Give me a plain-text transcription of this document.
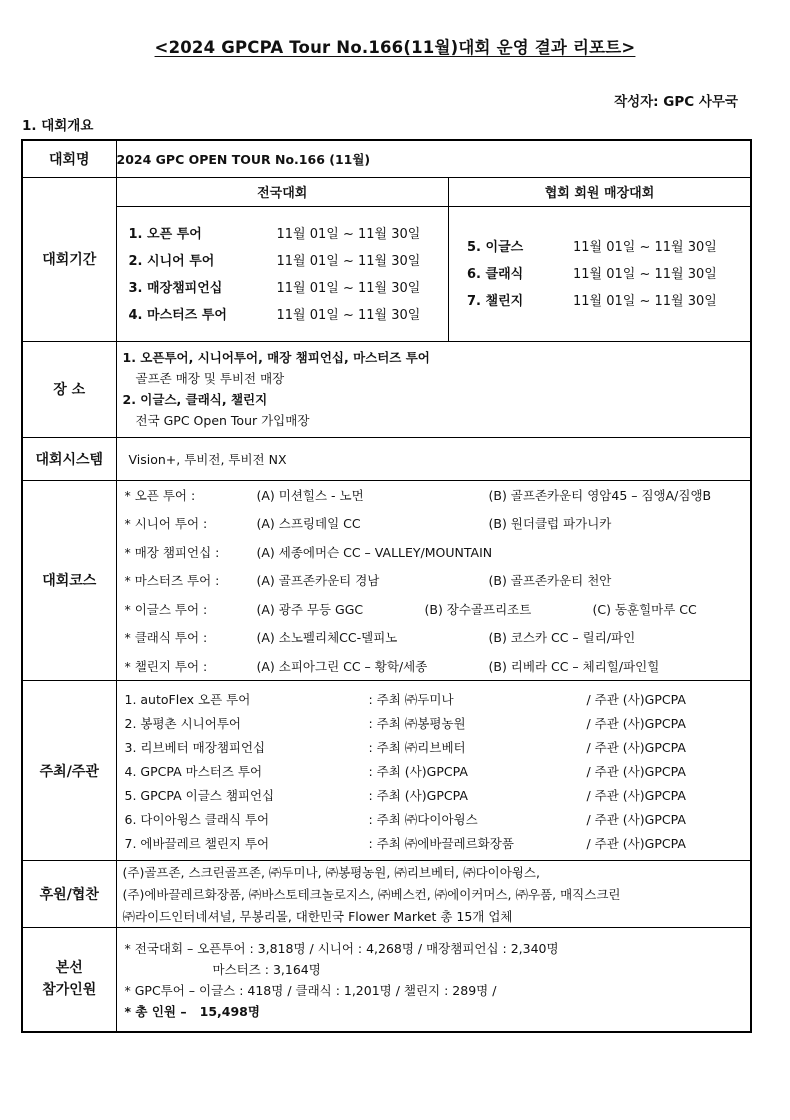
<2024 GPCPA Tour No.166(11월)대회 운영 결과 리포트>
작성자: GPC 사무국
1. 대회개요
대회명	2024 GPC OPEN TOUR No.166 (11월)
대회기간	
전국대회	협회 회원 매장대회

1. 오픈 투어	11월 01일 ~ 11월 30일
2. 시니어 투어	11월 01일 ~ 11월 30일
3. 매장챔피언십	11월 01일 ~ 11월 30일
4. 마스터즈 투어	11월 01일 ~ 11월 30일

5. 이글스	11월 01일 ~ 11월 30일
6. 클래식	11월 01일 ~ 11월 30일
7. 챌린지	11월 01일 ~ 11월 30일

장 소	
1. 오픈투어, 시니어투어, 매장 챔피언십, 마스터즈 투어
골프존 매장 및 투비전 매장
2. 이글스, 클래식, 챌린지
전국 GPC Open Tour 가입매장

대회시스템	Vision+, 투비전, 투비전 NX
대회코스	
* 오픈 투어 :	(A) 미션힐스 - 노먼	(B) 골프존카운티 영암45 – 짐앵A/짐앵B
* 시니어 투어 :	(A) 스프링데일 CC	(B) 원더클럽 파가니카
* 매장 챔피언십 :	(A) 세종에머슨 CC – VALLEY/MOUNTAIN
* 마스터즈 투어 :	(A) 골프존카운티 경남	(B) 골프존카운티 천안
* 이글스 투어 :	(A) 광주 무등 GGC	(B) 장수골프리조트	(C) 동훈힐마루 CC
* 클래식 투어 :	(A) 소노펠리체CC-델피노	(B) 코스카 CC – 릴리/파인
* 챌린지 투어 :	(A) 소피아그린 CC – 황학/세종	(B) 리베라 CC – 체리힐/파인힐

주최/주관	
1. autoFlex 오픈 투어	: 주최 ㈜두미나	/ 주관 (사)GPCPA
2. 봉평촌 시니어투어	: 주최 ㈜봉평농원	/ 주관 (사)GPCPA
3. 리브베터 매장챔피언십	: 주최 ㈜리브베터	/ 주관 (사)GPCPA
4. GPCPA 마스터즈 투어	: 주최 (사)GPCPA	/ 주관 (사)GPCPA
5. GPCPA 이글스 챔피언십	: 주최 (사)GPCPA	/ 주관 (사)GPCPA
6. 다이아윙스 클래식 투어	: 주최 ㈜다이아윙스	/ 주관 (사)GPCPA
7. 에바끌레르 챌린지 투어	: 주최 ㈜에바끌레르화장품	/ 주관 (사)GPCPA

후원/협찬	
(주)골프존, 스크린골프존, ㈜두미나, ㈜봉평농원, ㈜리브베터, ㈜다이아윙스,
(주)에바끌레르화장품, ㈜바스토테크놀로지스, ㈜베스컨, ㈜에이커머스, ㈜우품, 매직스크린
㈜라이드인터네셔널, 무봉리몰, 대한민국 Flower Market 총 15개 업체

본선
참가인원

* 전국대회 – 오픈투어 : 3,818명 / 시니어 : 4,268명 / 매장챔피언십 : 2,340명
마스터즈 : 3,164명
* GPC투어 – 이글스 : 418명 / 클래식 : 1,201명 / 챌린지 : 289명 /
* 총 인원 –   15,498명
